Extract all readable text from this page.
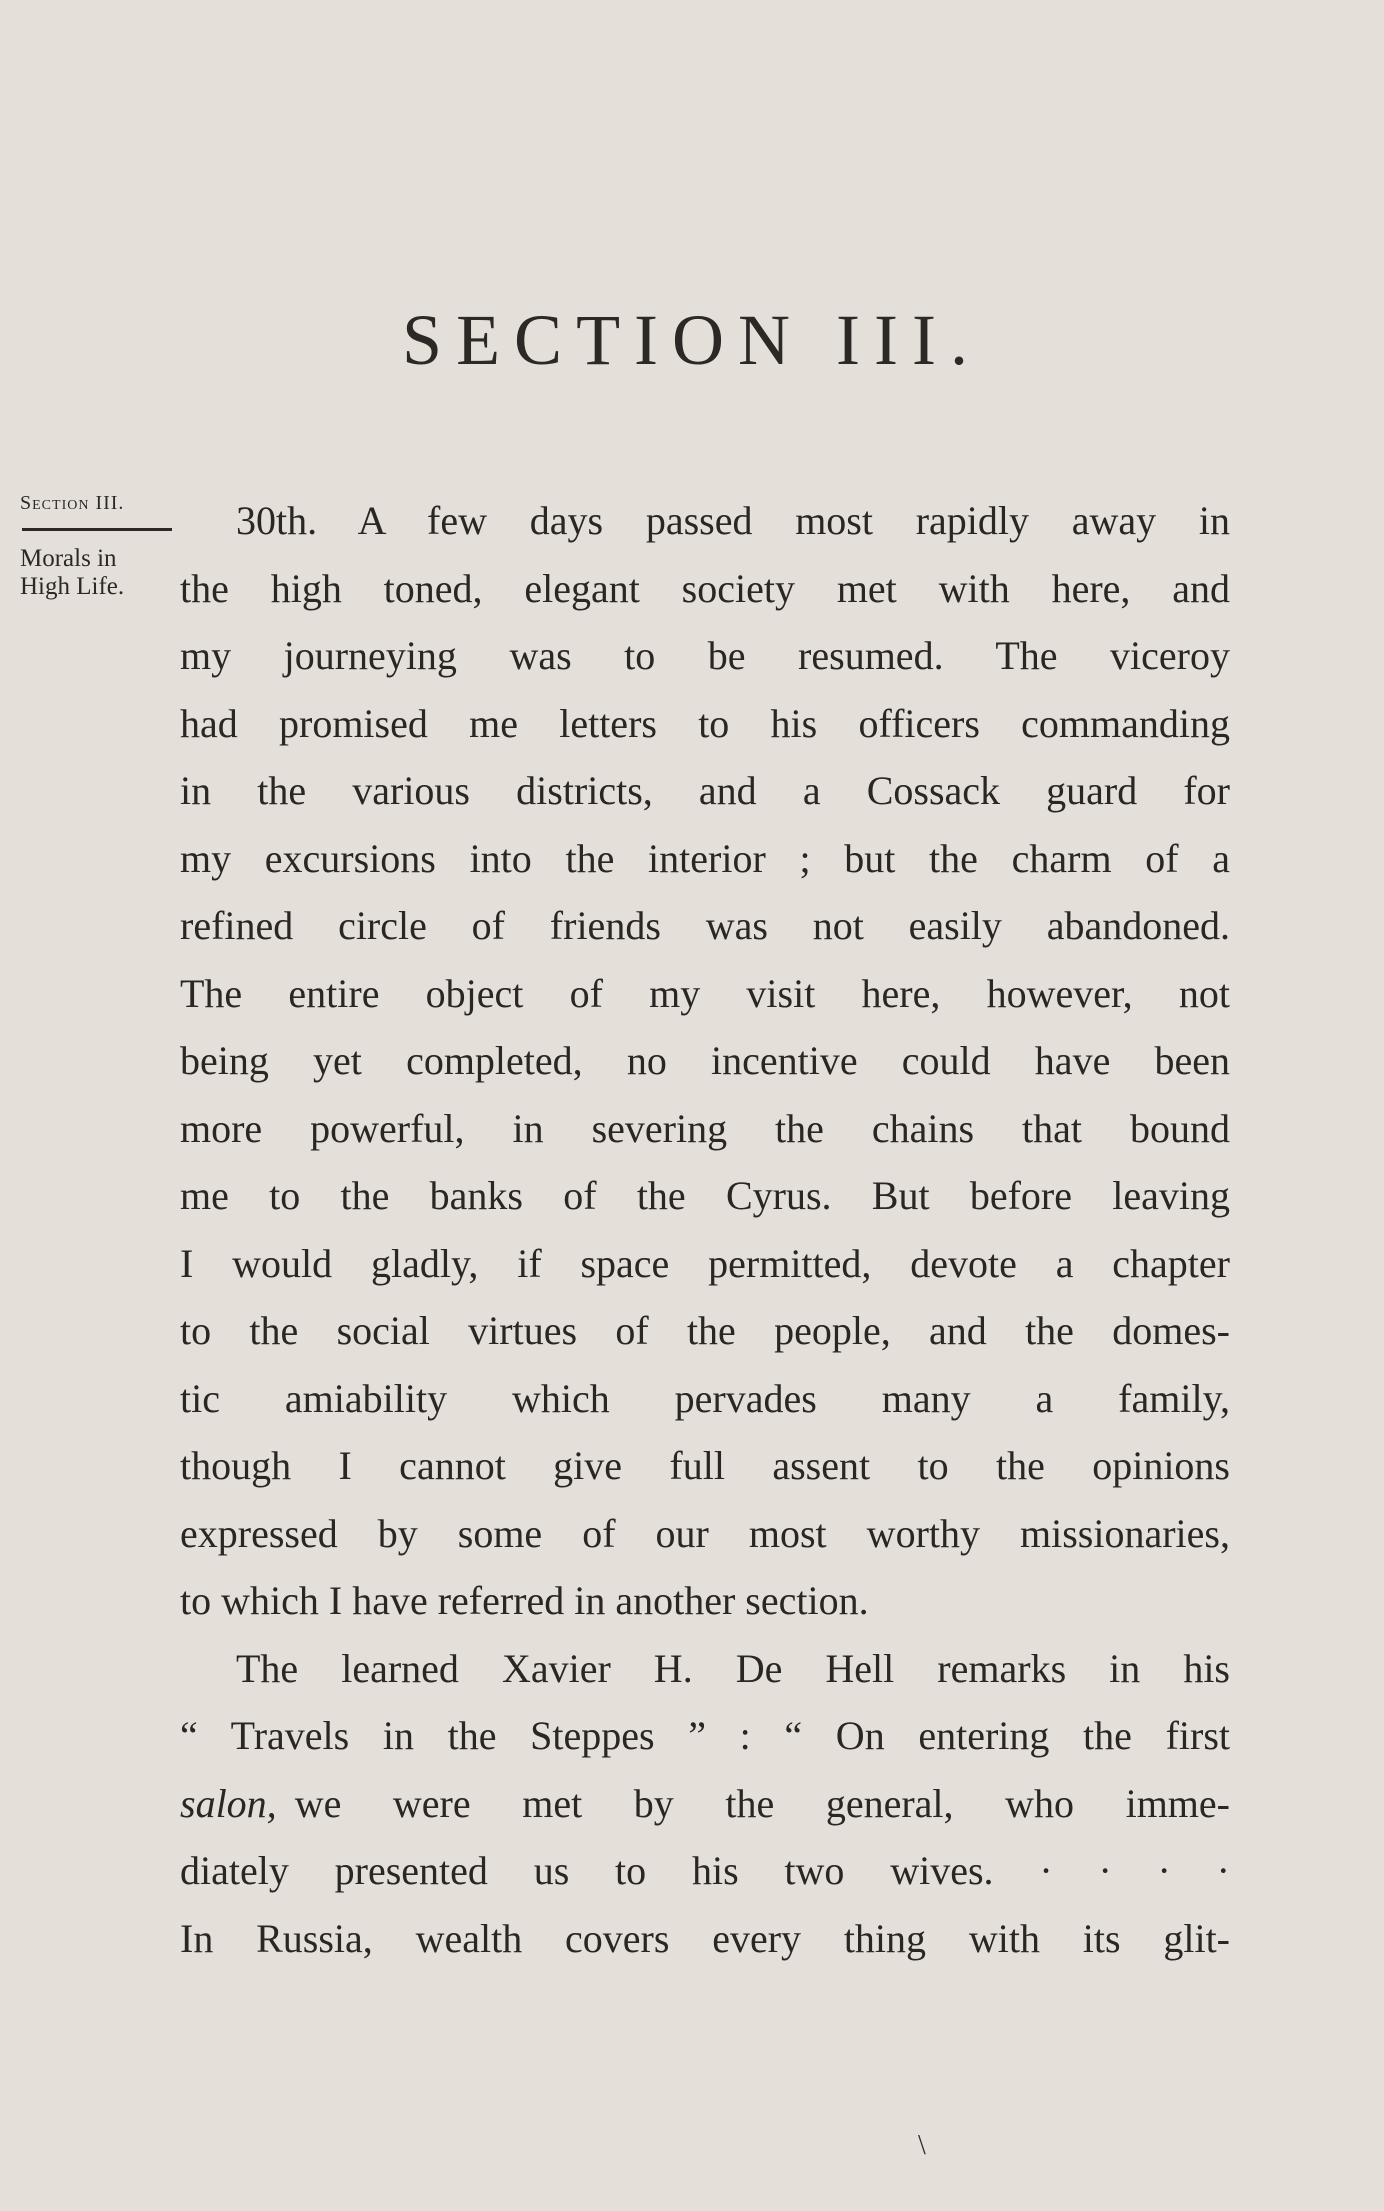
SECTION III.
Section III.
Morals in
High Life.
30th. A few days passed most rapidly away in
the high toned, elegant society met with here, and
my journeying was to be resumed. The viceroy
had promised me letters to his officers commanding
in the various districts, and a Cossack guard for
my excursions into the interior ; but the charm of a
refined circle of friends was not easily abandoned.
The entire object of my visit here, however, not
being yet completed, no incentive could have been
more powerful, in severing the chains that bound
me to the banks of the Cyrus. But before leaving
I would gladly, if space permitted, devote a chapter
to the social virtues of the people, and the domes-
tic amiability which pervades many a family,
though I cannot give full assent to the opinions
expressed by some of our most worthy missionaries,
to which I have referred in another section.
The learned Xavier H. De Hell remarks in his
“ Travels in the Steppes ” : “ On entering the first
salon, we were met by the general, who imme-
diately presented us to his two wives. · · · ·
In Russia, wealth covers every thing with its glit-
\
